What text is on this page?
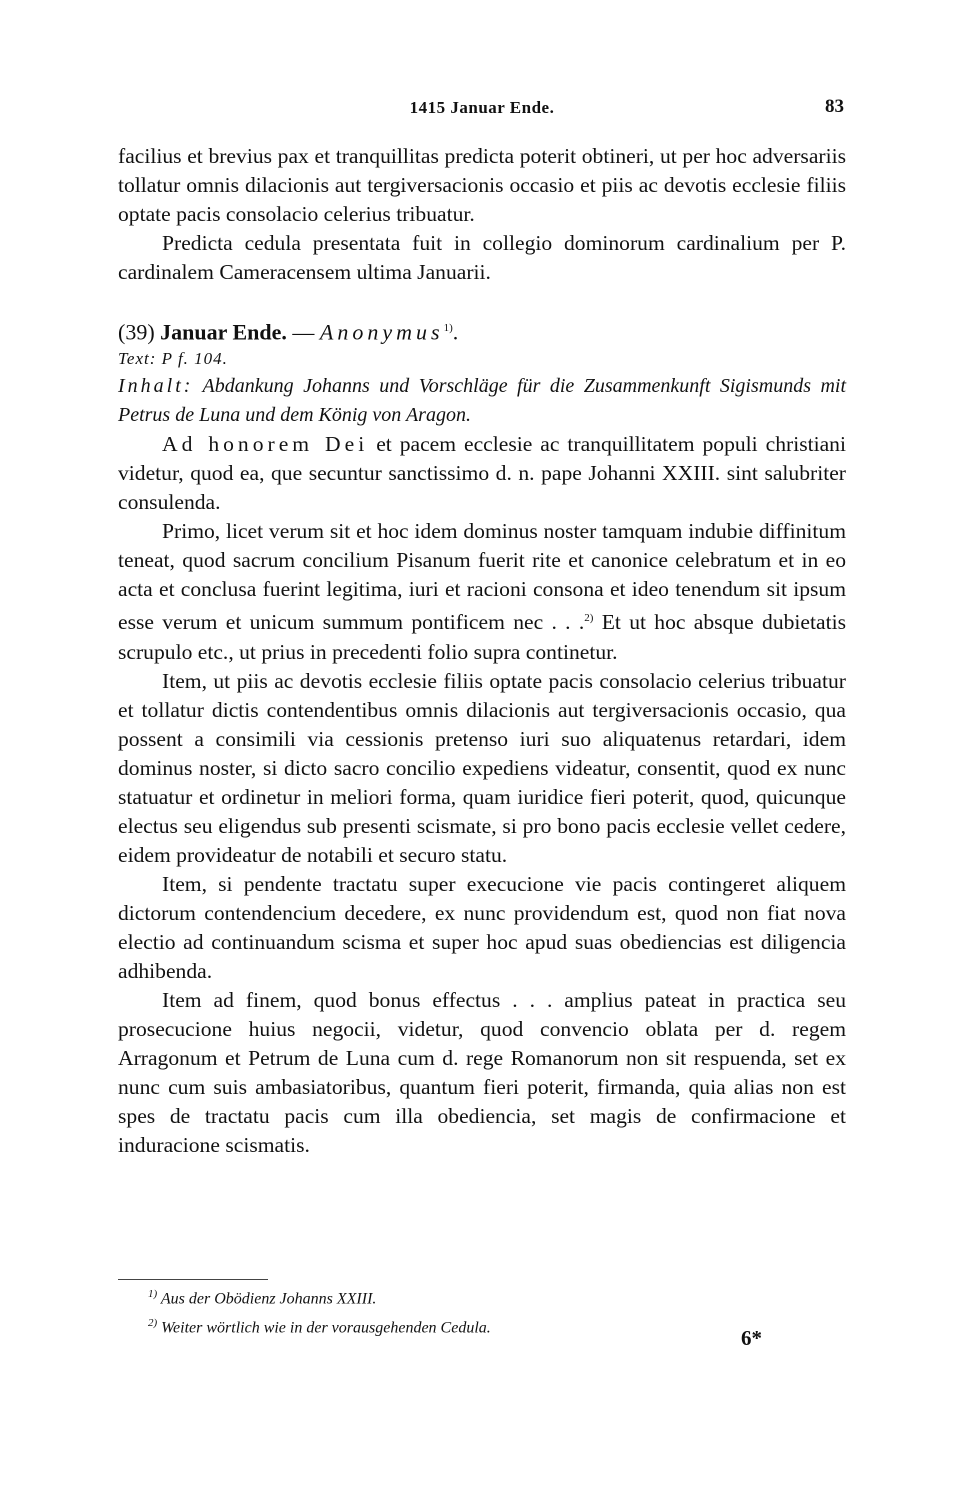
1415 Januar Ende.	83

facilius et brevius pax et tranquillitas predicta poterit obtineri, ut per hoc adversariis tollatur omnis dilacionis aut tergiversacionis occasio et piis ac devotis ecclesie filiis optate pacis consolacio celerius tribuatur.

Predicta cedula presentata fuit in collegio dominorum cardinalium per P. cardinalem Cameracensem ultima Januarii.

(39) Januar Ende. — Anonymus$^{1)}$.

Text: P f. 104.

Inhalt: Abdankung Johanns und Vorschläge für die Zusammenkunft Sigismunds mit Petrus de Luna und dem König von Aragon.

Ad honorem Dei et pacem ecclesie ac tranquillitatem populi christiani videtur, quod ea, que secuntur sanctissimo d. n. pape Johanni XXIII. sint salubriter consulenda.

Primo, licet verum sit et hoc idem dominus noster tamquam indubie diffinitum teneat, quod sacrum concilium Pisanum fuerit rite et canonice celebratum et in eo acta et conclusa fuerint legitima, iuri et racioni consona et ideo tenendum sit ipsum esse verum et unicum summum pontificem nec . . .$^{2)}$ Et ut hoc absque dubietatis scrupulo etc., ut prius in precedenti folio supra continetur.

Item, ut piis ac devotis ecclesie filiis optate pacis consolacio celerius tribuatur et tollatur dictis contendentibus omnis dilacionis aut tergiversacionis occasio, qua possent a consimili via cessionis pretenso iuri suo aliquatenus retardari, idem dominus noster, si dicto sacro concilio expediens videatur, consentit, quod ex nunc statuatur et ordinetur in meliori forma, quam iuridice fieri poterit, quod, quicunque electus seu eligendus sub presenti scismate, si pro bono pacis ecclesie vellet cedere, eidem provideatur de notabili et securo statu.

Item, si pendente tractatu super execucione vie pacis contingeret aliquem dictorum contendencium decedere, ex nunc providendum est, quod non fiat nova electio ad continuandum scisma et super hoc apud suas obediencias est diligencia adhibenda.

Item ad finem, quod bonus effectus . . . amplius pateat in practica seu prosecucione huius negocii, videtur, quod convencio oblata per d. regem Arragonum et Petrum de Luna cum d. rege Romanorum non sit respuenda, set ex nunc cum suis ambasiatoribus, quantum fieri poterit, firmanda, quia alias non est spes de tractatu pacis cum illa obediencia, set magis de confirmacione et induracione scismatis.

$^{1)}$ Aus der Obödienz Johanns XXIII.

$^{2)}$ Weiter wörtlich wie in der vorausgehenden Cedula.	6*
